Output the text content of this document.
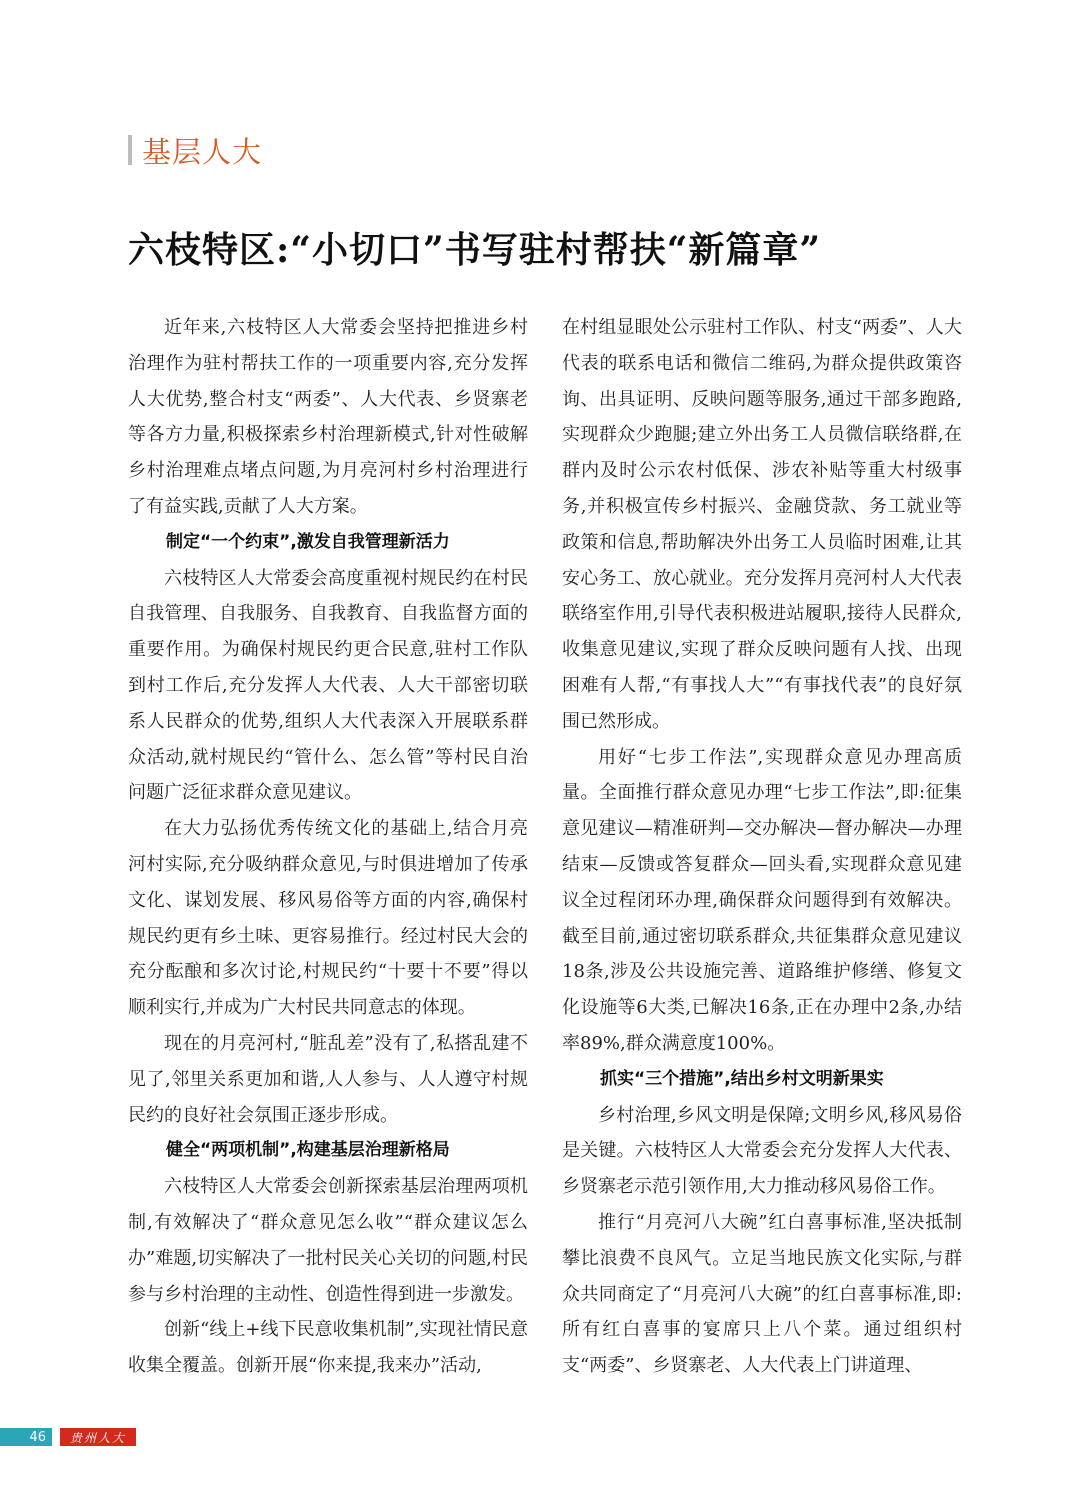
基层人大
六枝特区:“小切口”书写驻村帮扶“新篇章”

近年来,六枝特区人大常委会坚持把推进乡村治理作为驻村帮扶工作的一项重要内容,充分发挥人大优势,整合村支“两委”、人大代表、乡贤寨老等各方力量,积极探索乡村治理新模式,针对性破解乡村治理难点堵点问题,为月亮河村乡村治理进行了有益实践,贡献了人大方案。

制定“一个约束”,激发自我管理新活力

六枝特区人大常委会高度重视村规民约在村民自我管理、自我服务、自我教育、自我监督方面的重要作用。为确保村规民约更合民意,驻村工作队到村工作后,充分发挥人大代表、人大干部密切联系人民群众的优势,组织人大代表深入开展联系群众活动,就村规民约“管什么、怎么管”等村民自治问题广泛征求群众意见建议。

在大力弘扬优秀传统文化的基础上,结合月亮河村实际,充分吸纳群众意见,与时俱进增加了传承文化、谋划发展、移风易俗等方面的内容,确保村规民约更有乡土味、更容易推行。经过村民大会的充分酝酿和多次讨论,村规民约“十要十不要”得以顺利实行,并成为广大村民共同意志的体现。

现在的月亮河村,“脏乱差”没有了,私搭乱建不见了,邻里关系更加和谐,人人参与、人人遵守村规民约的良好社会氛围正逐步形成。

健全“两项机制”,构建基层治理新格局

六枝特区人大常委会创新探索基层治理两项机制,有效解决了“群众意见怎么收”“群众建议怎么办”难题,切实解决了一批村民关心关切的问题,村民参与乡村治理的主动性、创造性得到进一步激发。

创新“线上+线下民意收集机制”,实现社情民意收集全覆盖。创新开展“你来提,我来办”活动,

在村组显眼处公示驻村工作队、村支“两委”、人大代表的联系电话和微信二维码,为群众提供政策咨询、出具证明、反映问题等服务,通过干部多跑路,实现群众少跑腿;建立外出务工人员微信联络群,在群内及时公示农村低保、涉农补贴等重大村级事务,并积极宣传乡村振兴、金融贷款、务工就业等政策和信息,帮助解决外出务工人员临时困难,让其安心务工、放心就业。充分发挥月亮河村人大代表联络室作用,引导代表积极进站履职,接待人民群众,收集意见建议,实现了群众反映问题有人找、出现困难有人帮,“有事找人大”“有事找代表”的良好氛围已然形成。

用好“七步工作法”,实现群众意见办理高质量。全面推行群众意见办理“七步工作法”,即:征集意见建议—精准研判—交办解决—督办解决—办理结束—反馈或答复群众—回头看,实现群众意见建议全过程闭环办理,确保群众问题得到有效解决。截至目前,通过密切联系群众,共征集群众意见建议18条,涉及公共设施完善、道路维护修缮、修复文化设施等6大类,已解决16条,正在办理中2条,办结率89%,群众满意度100%。

抓实“三个措施”,结出乡村文明新果实

乡村治理,乡风文明是保障;文明乡风,移风易俗是关键。六枝特区人大常委会充分发挥人大代表、乡贤寨老示范引领作用,大力推动移风易俗工作。

推行“月亮河八大碗”红白喜事标准,坚决抵制攀比浪费不良风气。立足当地民族文化实际,与群众共同商定了“月亮河八大碗”的红白喜事标准,即:所有红白喜事的宴席只上八个菜。通过组织村支“两委”、乡贤寨老、人大代表上门讲道理、

46	贵州人大
